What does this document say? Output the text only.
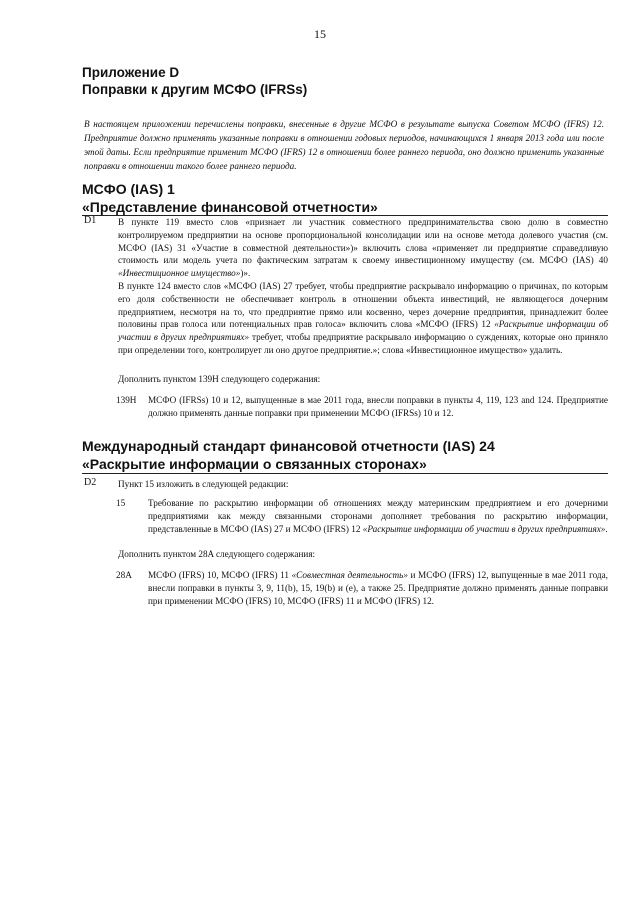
15
Приложение D
Поправки к другим МСФО (IFRSs)
В настоящем приложении перечислены поправки, внесенные в другие МСФО в результате выпуска Советом МСФО (IFRS) 12. Предприятие должно применять указанные поправки в отношении годовых периодов, начинающихся 1 января 2013 года или после этой даты. Если предприятие применит МСФО (IFRS) 12 в отношении более раннего периода, оно должно применить указанные поправки в отношении такого более раннего периода.
МСФО (IAS) 1
«Представление финансовой отчетности»
D1 В пункте 119 вместо слов «признает ли участник совместного предпринимательства свою долю в совместно контролируемом предприятии на основе пропорциональной консолидации или на основе метода долевого участия (см. МСФО (IAS) 31 «Участие в совместной деятельности»)» включить слова «применяет ли предприятие справедливую стоимость или модель учета по фактическим затратам к своему инвестиционному имуществу (см. МСФО (IAS) 40 «Инвестиционное имущество»)».
В пункте 124 вместо слов «МСФО (IAS) 27 требует, чтобы предприятие раскрывало информацию о причинах, по которым его доля собственности не обеспечивает контроль в отношении объекта инвестиций, не являющегося дочерним предприятием, несмотря на то, что предприятие прямо или косвенно, через дочерние предприятия, принадлежит более половины прав голоса или потенциальных прав голоса» включить слова «МСФО (IFRS) 12 «Раскрытие информации об участии в других предприятиях» требует, чтобы предприятие раскрывало информацию о суждениях, которые оно приняло при определении того, контролирует ли оно другое предприятие.»; слова «Инвестиционное имущество» удалить.
Дополнить пунктом 139H следующего содержания:
139H МСФО (IFRSs) 10 и 12, выпущенные в мае 2011 года, внесли поправки в пункты 4, 119, 123 and 124. Предприятие должно применять данные поправки при применении МСФО (IFRSs) 10 и 12.
Международный стандарт финансовой отчетности (IAS) 24
«Раскрытие информации о связанных сторонах»
D2 Пункт 15 изложить в следующей редакции:
15 Требование по раскрытию информации об отношениях между материнским предприятием и его дочерними предприятиями как между связанными сторонами дополняет требования по раскрытию информации, представленные в МСФО (IAS) 27 и МСФО (IFRS) 12 «Раскрытие информации об участии в других предприятиях».
Дополнить пунктом 28A следующего содержания:
28A МСФО (IFRS) 10, МСФО (IFRS) 11 «Совместная деятельность» и МСФО (IFRS) 12, выпущенные в мае 2011 года, внесли поправки в пункты 3, 9, 11(b), 15, 19(b) и (e), а также 25. Предприятие должно применять данные поправки при применении МСФО (IFRS) 10, МСФО (IFRS) 11 и МСФО (IFRS) 12.
